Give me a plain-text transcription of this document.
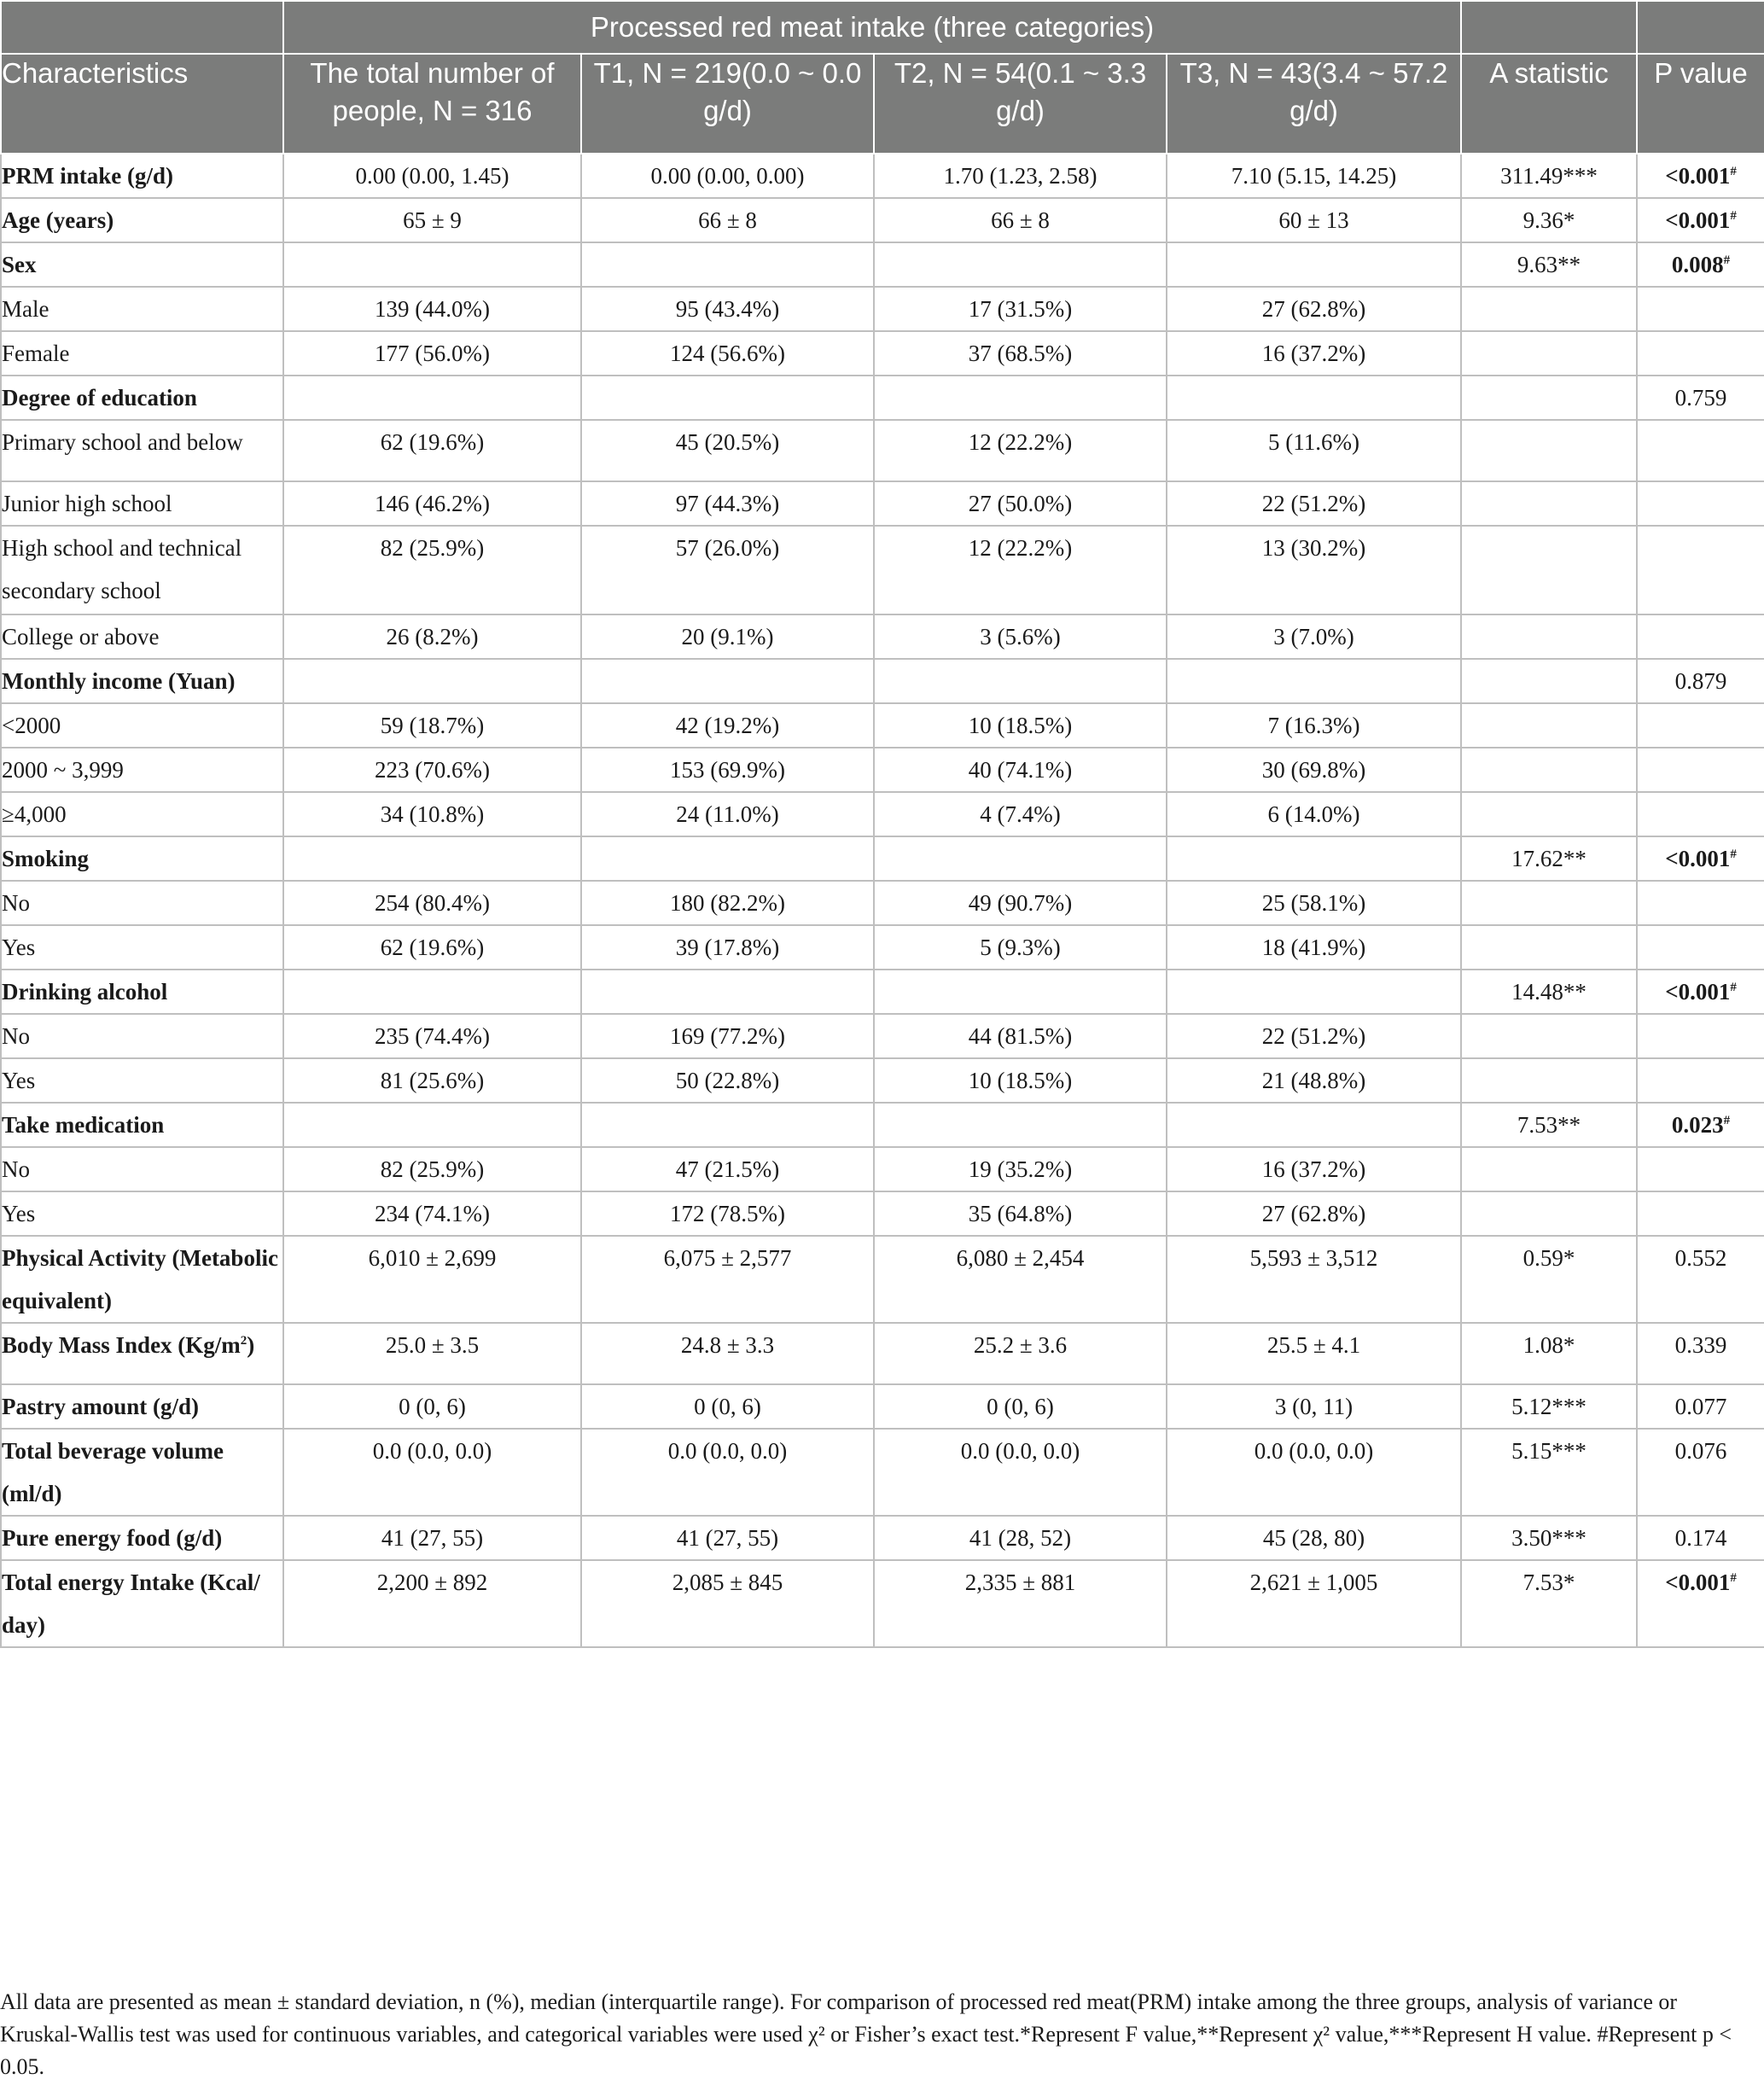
	Processed red meat intake (three categories)					
Characteristics	The total number of people, N = 316	T1, N = 219(0.0 ~ 0.0 g/d)	T2, N = 54(0.1 ~ 3.3 g/d)	T3, N = 43(3.4 ~ 57.2 g/d)	A statistic	P value
PRM intake (g/d)	0.00 (0.00, 1.45)	0.00 (0.00, 0.00)	1.70 (1.23, 2.58)	7.10 (5.15, 14.25)	311.49***	<0.001#
Age (years)	65 ± 9	66 ± 8	66 ± 8	60 ± 13	9.36*	<0.001#
Sex					9.63**	0.008#
Male	139 (44.0%)	95 (43.4%)	17 (31.5%)	27 (62.8%)		
Female	177 (56.0%)	124 (56.6%)	37 (68.5%)	16 (37.2%)		
Degree of education						0.759
Primary school and below	62 (19.6%)	45 (20.5%)	12 (22.2%)	5 (11.6%)		
Junior high school	146 (46.2%)	97 (44.3%)	27 (50.0%)	22 (51.2%)		
High school and technical secondary school	82 (25.9%)	57 (26.0%)	12 (22.2%)	13 (30.2%)		
College or above	26 (8.2%)	20 (9.1%)	3 (5.6%)	3 (7.0%)		
Monthly income (Yuan)						0.879
<2000	59 (18.7%)	42 (19.2%)	10 (18.5%)	7 (16.3%)		
2000 ~ 3,999	223 (70.6%)	153 (69.9%)	40 (74.1%)	30 (69.8%)		
≥4,000	34 (10.8%)	24 (11.0%)	4 (7.4%)	6 (14.0%)		
Smoking					17.62**	<0.001#
No	254 (80.4%)	180 (82.2%)	49 (90.7%)	25 (58.1%)		
Yes	62 (19.6%)	39 (17.8%)	5 (9.3%)	18 (41.9%)		
Drinking alcohol					14.48**	<0.001#
No	235 (74.4%)	169 (77.2%)	44 (81.5%)	22 (51.2%)		
Yes	81 (25.6%)	50 (22.8%)	10 (18.5%)	21 (48.8%)		
Take medication					7.53**	0.023#
No	82 (25.9%)	47 (21.5%)	19 (35.2%)	16 (37.2%)		
Yes	234 (74.1%)	172 (78.5%)	35 (64.8%)	27 (62.8%)		
Physical Activity (Metabolic equivalent)	6,010 ± 2,699	6,075 ± 2,577	6,080 ± 2,454	5,593 ± 3,512	0.59*	0.552
Body Mass Index $(Kg/m^2)$	25.0 ± 3.5	24.8 ± 3.3	25.2 ± 3.6	25.5 ± 4.1	1.08*	0.339
Pastry amount (g/d)	0 (0, 6)	0 (0, 6)	0 (0, 6)	3 (0, 11)	5.12***	0.077
Total beverage volume (ml/d)	0.0 (0.0, 0.0)	0.0 (0.0, 0.0)	0.0 (0.0, 0.0)	0.0 (0.0, 0.0)	5.15***	0.076
Pure energy food (g/d)	41 (27, 55)	41 (27, 55)	41 (28, 52)	45 (28, 80)	3.50***	0.174
Total energy Intake (Kcal/ day)	2,200 ± 892	2,085 ± 845	2,335 ± 881	2,621 ± 1,005	7.53*	<0.001#
All data are presented as mean ± standard deviation, n (%), median (interquartile range). For comparison of processed red meat(PRM) intake among the three groups, analysis of variance or Kruskal-Wallis test was used for continuous variables, and categorical variables were used χ² or Fisher’s exact test.*Represent F value,**Represent χ² value,***Represent H value. #Represent p < 0.05.
